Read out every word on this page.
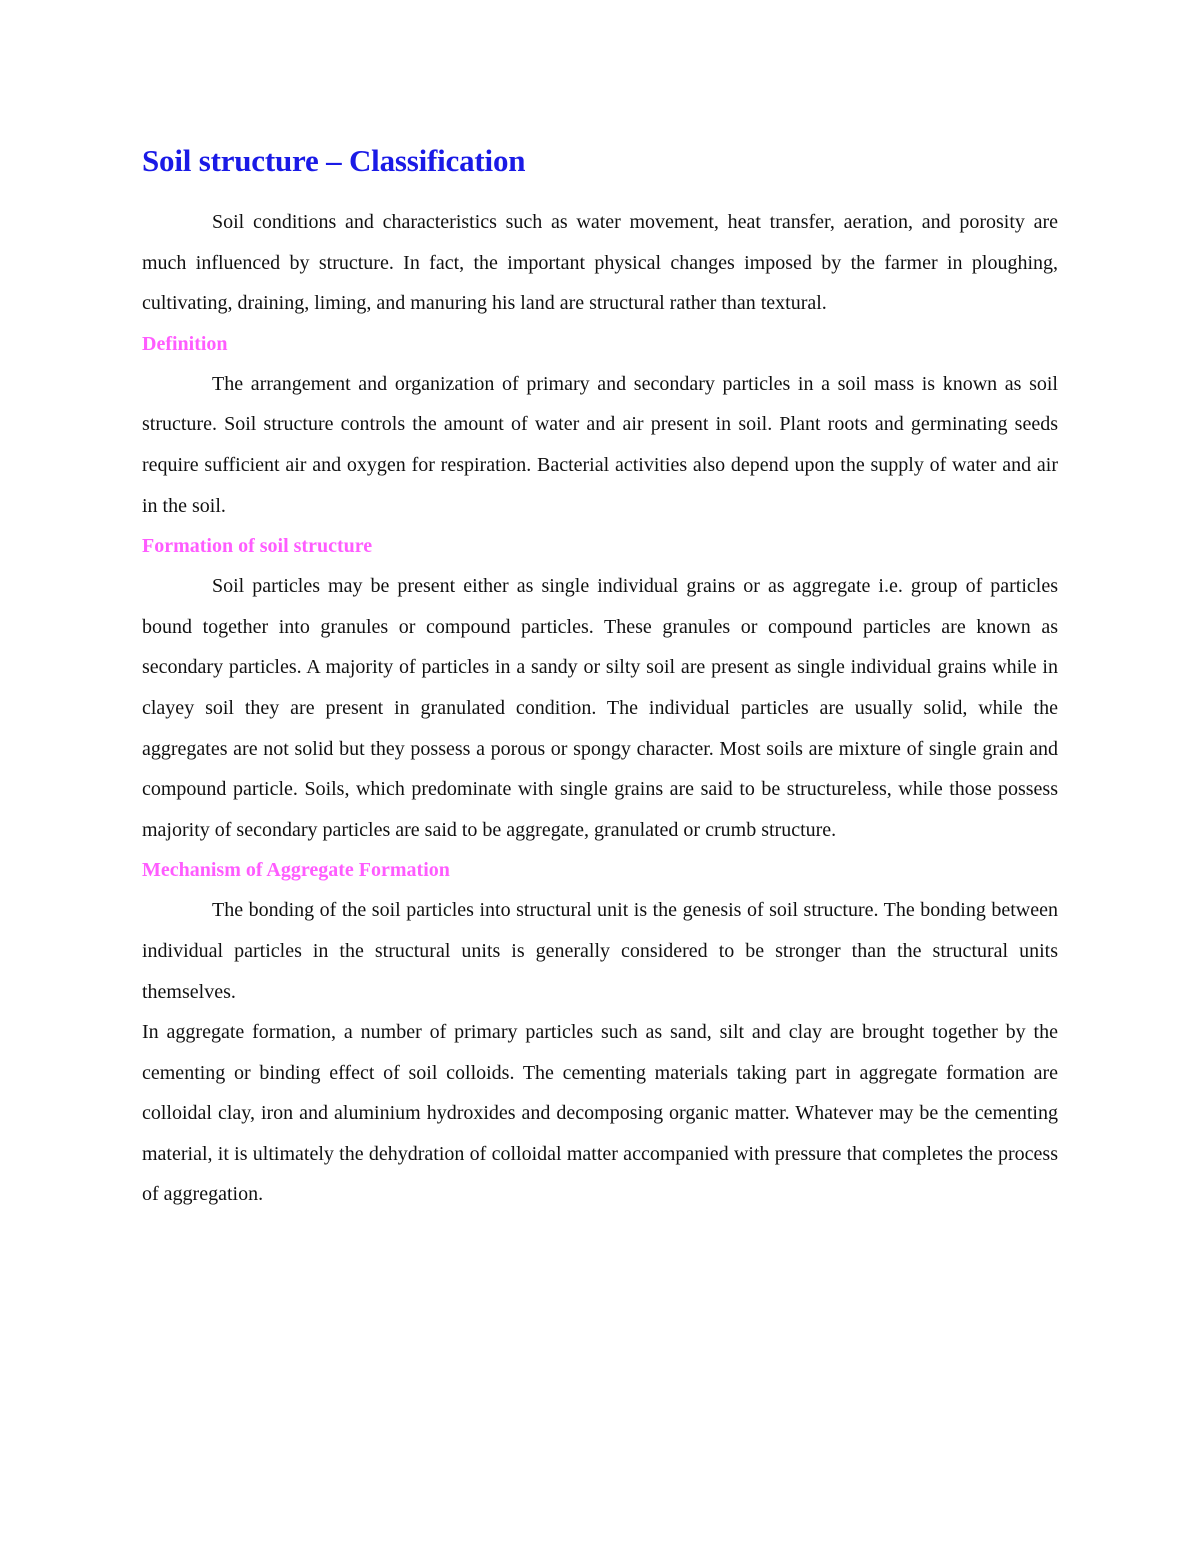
Soil structure – Classification

Soil conditions and characteristics such as water movement, heat transfer, aeration, and porosity are much influenced by structure. In fact, the important physical changes imposed by the farmer in ploughing, cultivating, draining, liming, and manuring his land are structural rather than textural.

Definition

The arrangement and organization of primary and secondary particles in a soil mass is known as soil structure. Soil structure controls the amount of water and air present in soil. Plant roots and germinating seeds require sufficient air and oxygen for respiration. Bacterial activities also depend upon the supply of water and air in the soil.

Formation of soil structure

Soil particles may be present either as single individual grains or as aggregate i.e. group of particles bound together into granules or compound particles. These granules or compound particles are known as secondary particles. A majority of particles in a sandy or silty soil are present as single individual grains while in clayey soil they are present in granulated condition. The individual particles are usually solid, while the aggregates are not solid but they possess a porous or spongy character. Most soils are mixture of single grain and compound particle. Soils, which predominate with single grains are said to be structureless, while those possess majority of secondary particles are said to be aggregate, granulated or crumb structure.

Mechanism of Aggregate Formation

The bonding of the soil particles into structural unit is the genesis of soil structure. The bonding between individual particles in the structural units is generally considered to be stronger than the structural units themselves.

In aggregate formation, a number of primary particles such as sand, silt and clay are brought together by the cementing or binding effect of soil colloids. The cementing materials taking part in aggregate formation are colloidal clay, iron and aluminium hydroxides and decomposing organic matter. Whatever may be the cementing material, it is ultimately the dehydration of colloidal matter accompanied with pressure that completes the process of aggregation.
